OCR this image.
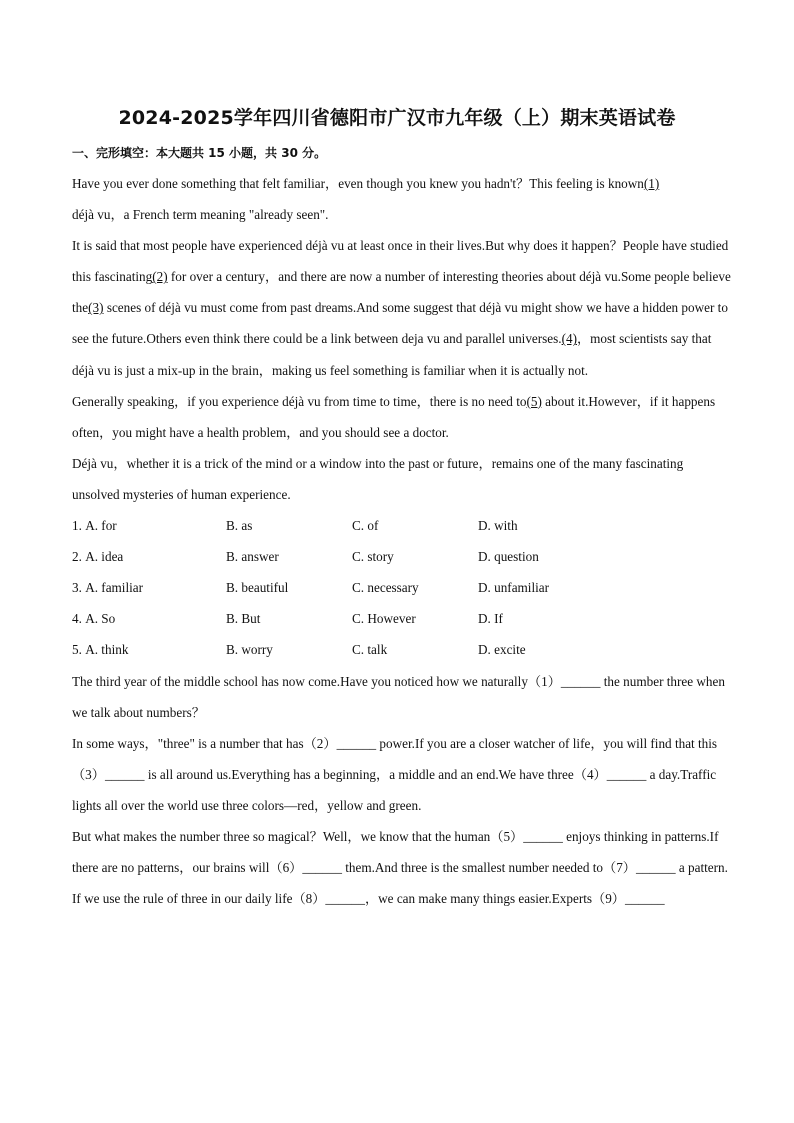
2024-2025学年四川省德阳市广汉市九年级（上）期末英语试卷
一、完形填空：本大题共 15 小题，共 30 分。

Have you ever done something that felt familiar，even though you knew you hadn't？This feeling is known(1)
déjà vu，a French term meaning "already seen".

It is said that most people have experienced déjà vu at least once in their lives.But why does it happen？People have studied this fascinating(2) for over a century，and there are now a number of interesting theories about déjà vu.Some people believe the(3) scenes of déjà vu must come from past dreams.And some suggest that déjà vu might show we have a hidden power to see the future.Others even think there could be a link between deja vu and parallel universes.(4)，most scientists say that déjà vu is just a mix-up in the brain，making us feel something is familiar when it is actually not.

Generally speaking，if you experience déjà vu from time to time，there is no need to(5) about it.However，if it happens often，you might have a health problem，and you should see a doctor.

Déjà vu，whether it is a trick of the mind or a window into the past or future，remains one of the many fascinating unsolved mysteries of human experience.

1. A. for	B. as	C. of	D. with
2. A. idea	B. answer	C. story	D. question
3. A. familiar	B. beautiful	C. necessary	D. unfamiliar
4. A. So	B. But	C. However	D. If
5. A. think	B. worry	C. talk	D. excite

The third year of the middle school has now come.Have you noticed how we naturally（1）______ the number three when we talk about numbers？

In some ways，"three" is a number that has（2）______ power.If you are a closer watcher of life，you will find that this（3）______ is all around us.Everything has a beginning，a middle and an end.We have three（4）______ a day.Traffic lights all over the world use three colors—red，yellow and green.

But what makes the number three so magical？Well，we know that the human（5）______ enjoys thinking in patterns.If there are no patterns，our brains will（6）______ them.And three is the smallest number needed to（7）______ a pattern.

If we use the rule of three in our daily life（8）______，we can make many things easier.Experts（9）______
